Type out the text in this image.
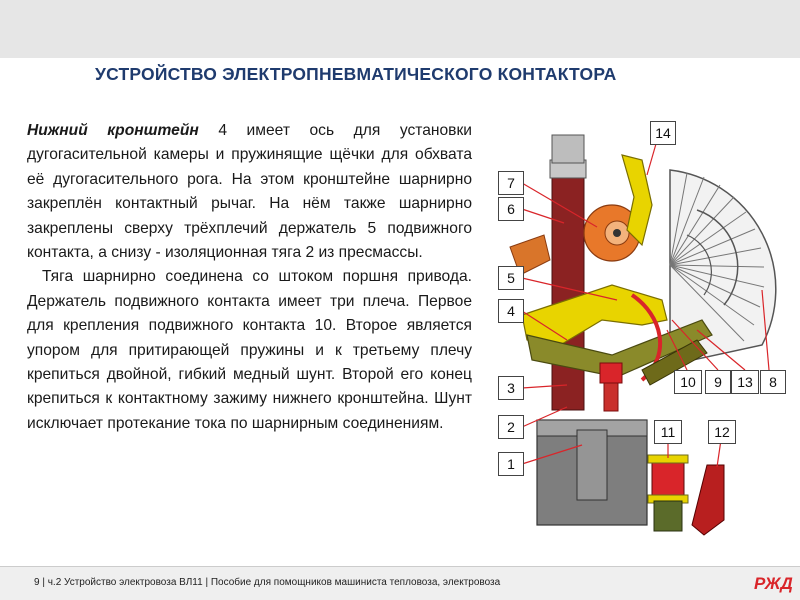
УСТРОЙСТВО ЭЛЕКТРОПНЕВМАТИЧЕСКОГО КОНТАКТОРА

Нижний кронштейн 4 имеет ось для установки дугогасительной камеры и пружинящие щёчки для обхвата её дугогасительного рога. На этом кронштейне шарнирно закреплён контактный рычаг. На нём также шарнирно закреплены сверху трёхплечий держатель 5 подвижного контакта, а снизу - изоляционная тяга 2 из пресмассы.

Тяга шарнирно соединена со штоком поршня привода. Держатель подвижного контакта имеет три плеча. Первое для крепления подвижного контакта 10. Второе является упором для притирающей пружины и к третьему плечу крепиться двойной, гибкий медный шунт. Второй его конец крепиться к контактному зажиму нижнего кронштейна. Шунт исключает протекание тока по шарнирным соединениям.

14
7
6
5
4
3
2
1
10	9	13	8
11	12
9 | ч.2 Устройство электровоза ВЛ11 | Пособие для помощников машиниста тепловоза, электровоза	РЖД
